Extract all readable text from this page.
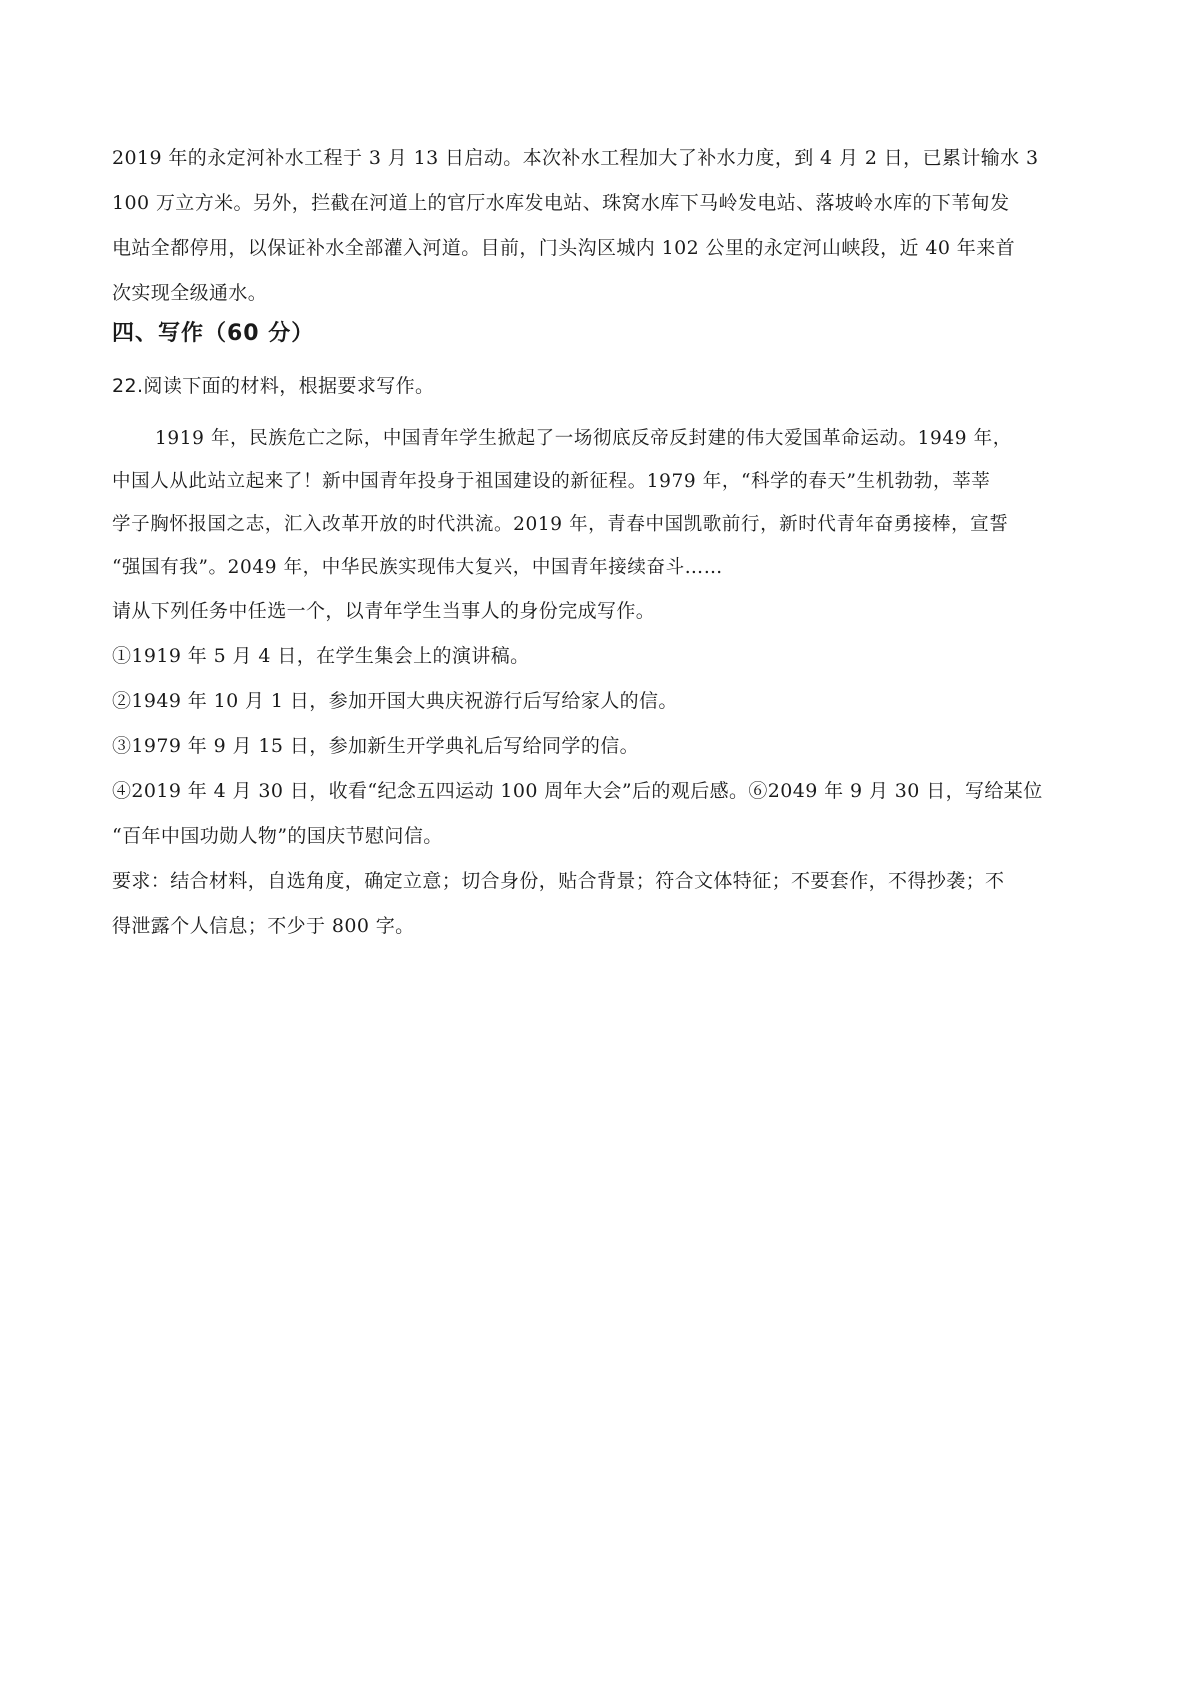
2019 年的永定河补水工程于 3 月 13 日启动。本次补水工程加大了补水力度，到 4 月 2 日，已累计输水 3
100 万立方米。另外，拦截在河道上的官厅水库发电站、珠窝水库下马岭发电站、落坡岭水库的下苇甸发
电站全都停用，以保证补水全部灌入河道。目前，门头沟区城内 102 公里的永定河山峡段，近 40 年来首
次实现全级通水。
四、写作（60 分）
22.阅读下面的材料，根据要求写作。
1919 年，民族危亡之际，中国青年学生掀起了一场彻底反帝反封建的伟大爱国革命运动。1949 年，
中国人从此站立起来了！新中国青年投身于祖国建设的新征程。1979 年，“科学的春天”生机勃勃，莘莘
学子胸怀报国之志，汇入改革开放的时代洪流。2019 年，青春中国凯歌前行，新时代青年奋勇接棒，宣誓
“强国有我”。2049 年，中华民族实现伟大复兴，中国青年接续奋斗……
请从下列任务中任选一个，以青年学生当事人的身份完成写作。
①1919 年 5 月 4 日，在学生集会上的演讲稿。
②1949 年 10 月 1 日，参加开国大典庆祝游行后写给家人的信。
③1979 年 9 月 15 日，参加新生开学典礼后写给同学的信。
④2019 年 4 月 30 日，收看“纪念五四运动 100 周年大会”后的观后感。⑥2049 年 9 月 30 日，写给某位
“百年中国功勋人物”的国庆节慰问信。
要求：结合材料，自选角度，确定立意；切合身份，贴合背景；符合文体特征；不要套作，不得抄袭；不
得泄露个人信息；不少于 800 字。
